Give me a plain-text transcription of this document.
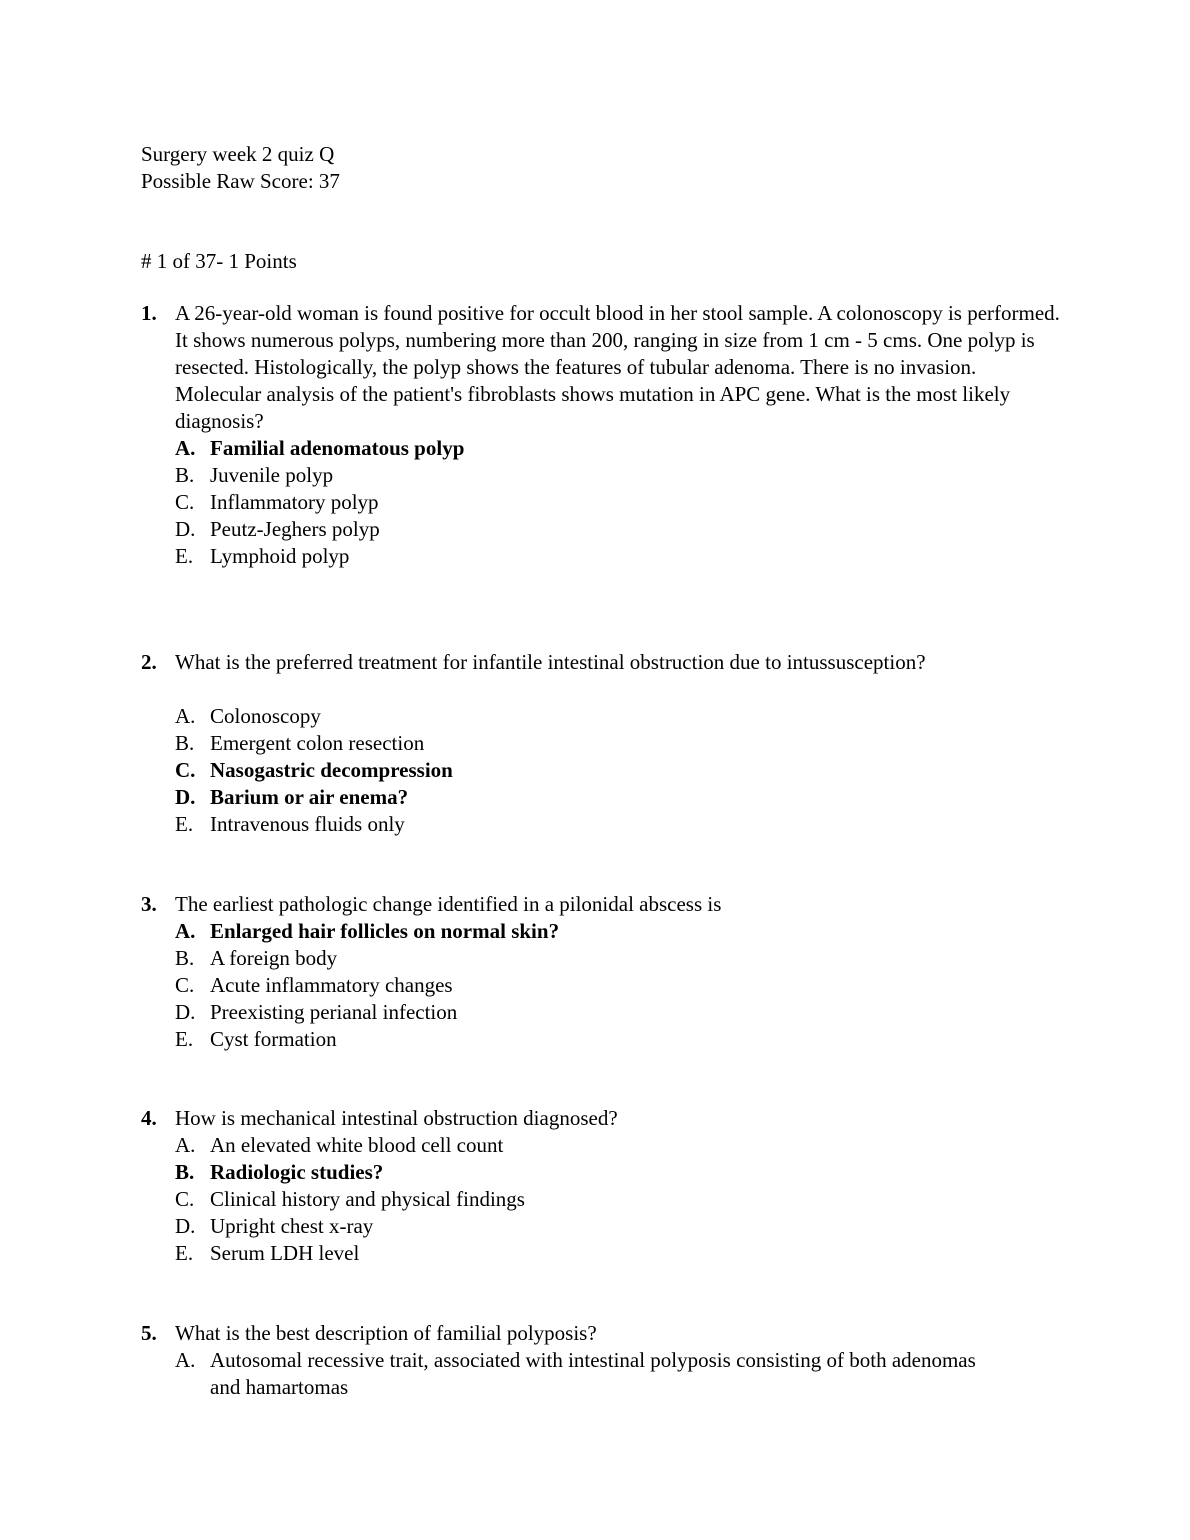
Surgery week 2 quiz Q
Possible Raw Score: 37
# 1 of 37- 1 Points
1. A 26-year-old woman is found positive for occult blood in her stool sample. A colonoscopy is performed. It shows numerous polyps, numbering more than 200, ranging in size from 1 cm - 5 cms. One polyp is resected. Histologically, the polyp shows the features of tubular adenoma. There is no invasion. Molecular analysis of the patient's fibroblasts shows mutation in APC gene. What is the most likely diagnosis?
A. Familial adenomatous polyp
B. Juvenile polyp
C. Inflammatory polyp
D. Peutz-Jeghers polyp
E. Lymphoid polyp
2. What is the preferred treatment for infantile intestinal obstruction due to intussusception?
A. Colonoscopy
B. Emergent colon resection
C. Nasogastric decompression
D. Barium or air enema?
E. Intravenous fluids only
3. The earliest pathologic change identified in a pilonidal abscess is
A. Enlarged hair follicles on normal skin?
B. A foreign body
C. Acute inflammatory changes
D. Preexisting perianal infection
E. Cyst formation
4. How is mechanical intestinal obstruction diagnosed?
A. An elevated white blood cell count
B. Radiologic studies?
C. Clinical history and physical findings
D. Upright chest x-ray
E. Serum LDH level
5. What is the best description of familial polyposis?
A. Autosomal recessive trait, associated with intestinal polyposis consisting of both adenomas and hamartomas
